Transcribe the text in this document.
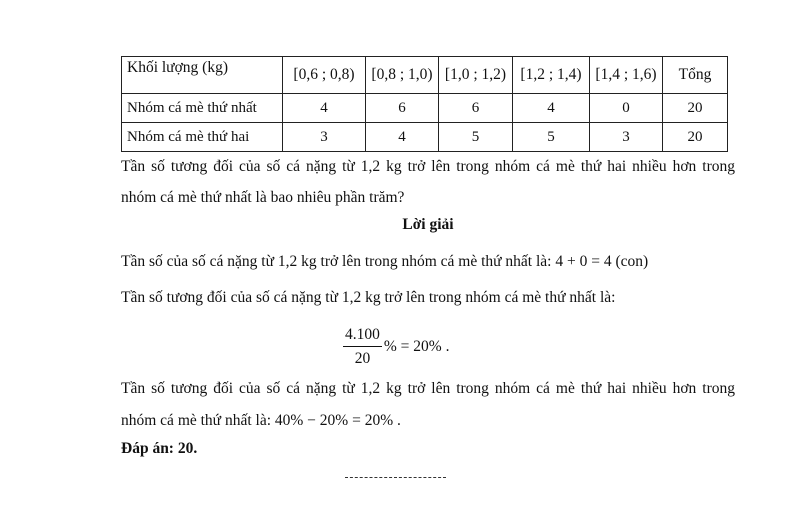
Khối lượng (kg)	[0,6 ; 0,8)	[0,8 ; 1,0)	[1,0 ; 1,2)	[1,2 ; 1,4)	[1,4 ; 1,6)	Tổng
Nhóm cá mè thứ nhất	4	6	6	4	0	20
Nhóm cá mè thứ hai	3	4	5	5	3	20
Tần số tương đối của số cá nặng từ 1,2 kg trở lên trong nhóm cá mè thứ hai nhiều hơn trong
nhóm cá mè thứ nhất là bao nhiêu phần trăm?
Lời giải
Tần số của số cá nặng từ 1,2 kg trở lên trong nhóm cá mè thứ nhất là: 4 + 0 = 4 (con)
Tần số tương đối của số cá nặng từ 1,2 kg trở lên trong nhóm cá mè thứ nhất là:
$\frac{4.100}{20}$ % = 20% .
Tần số tương đối của số cá nặng từ 1,2 kg trở lên trong nhóm cá mè thứ hai nhiều hơn trong
nhóm cá mè thứ nhất là: 40% − 20% = 20% .
Đáp án: 20.
